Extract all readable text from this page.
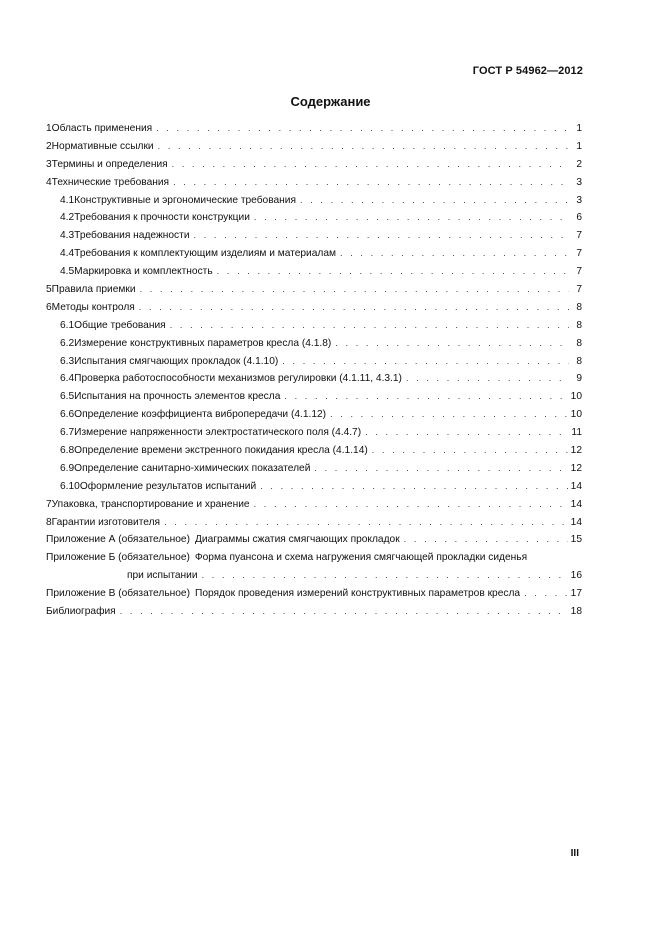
ГОСТ Р 54962—2012
Содержание
1 Область применения . . .	1
2 Нормативные ссылки . . .	1
3 Термины и определения . . .	2
4 Технические требования . . .	3
4.1 Конструктивные и эргономические требования . . .	3
4.2 Требования к прочности конструкции . . .	6
4.3 Требования надежности . . .	7
4.4 Требования к комплектующим изделиям и материалам . . .	7
4.5 Маркировка и комплектность . . .	7
5 Правила приемки . . .	7
6 Методы контроля . . .	8
6.1 Общие требования . . .	8
6.2 Измерение конструктивных параметров кресла (4.1.8) . . .	8
6.3 Испытания смягчающих прокладок (4.1.10) . . .	8
6.4 Проверка работоспособности механизмов регулировки (4.1.11, 4.3.1) . . .	9
6.5 Испытания на прочность элементов кресла . . .	10
6.6 Определение коэффициента вибропередачи (4.1.12) . . .	10
6.7 Измерение напряженности электростатического поля (4.4.7) . . .	11
6.8 Определение времени экстренного покидания кресла (4.1.14) . . .	12
6.9 Определение санитарно-химических показателей . . .	12
6.10 Оформление результатов испытаний . . .	14
7 Упаковка, транспортирование и хранение . . .	14
8 Гарантии изготовителя . . .	14
Приложение А (обязательное) Диаграммы сжатия смягчающих прокладок . . .	15
Приложение Б (обязательное) Форма пуансона и схема нагружения смягчающей прокладки сиденья
при испытании . . .	16
Приложение В (обязательное) Порядок проведения измерений конструктивных параметров кресла . . .	17
Библиография . . .	18
III
